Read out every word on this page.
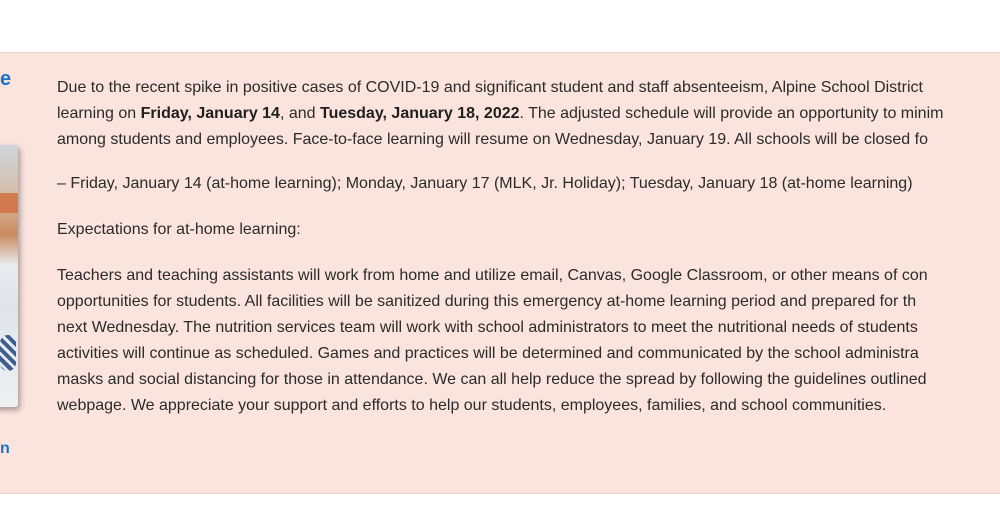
e
n

Due to the recent spike in positive cases of COVID-19 and significant student and staff absenteeism, Alpine School District
learning on Friday, January 14, and Tuesday, January 18, 2022. The adjusted schedule will provide an opportunity to minim
among students and employees. Face-to-face learning will resume on Wednesday, January 19. All schools will be closed fo

– Friday, January 14 (at-home learning); Monday, January 17 (MLK, Jr. Holiday); Tuesday, January 18 (at-home learning)

Expectations for at-home learning:

Teachers and teaching assistants will work from home and utilize email, Canvas, Google Classroom, or other means of con
opportunities for students. All facilities will be sanitized during this emergency at-home learning period and prepared for th
next Wednesday. The nutrition services team will work with school administrators to meet the nutritional needs of students
activities will continue as scheduled. Games and practices will be determined and communicated by the school administra
masks and social distancing for those in attendance. We can all help reduce the spread by following the guidelines outlined
webpage. We appreciate your support and efforts to help our students, employees, families, and school communities.
